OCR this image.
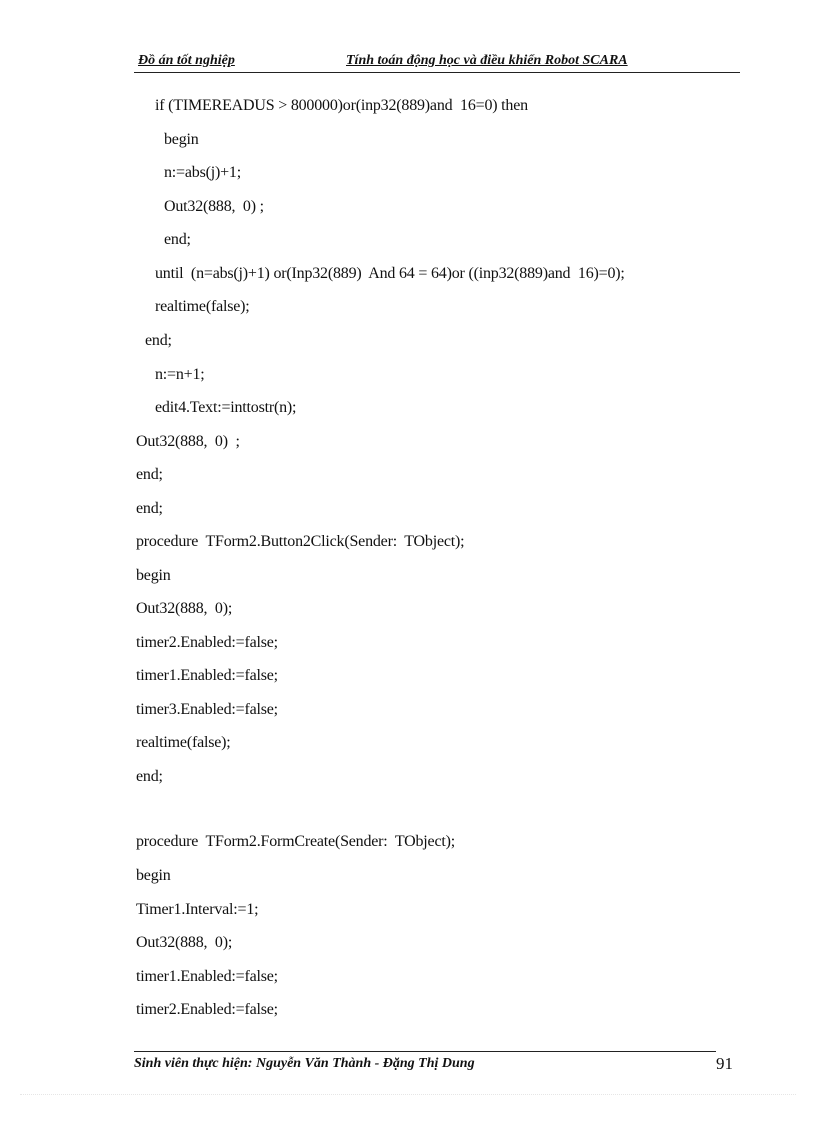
Đồ án tốt nghiệp	Tính toán động học và điều khiển Robot SCARA
if (TIMEREADUS > 800000)or(inp32(889)and  16=0) then
begin
n:=abs(j)+1;
Out32(888,  0) ;
end;
until  (n=abs(j)+1) or(Inp32(889)  And 64 = 64)or ((inp32(889)and  16)=0);
realtime(false);
end;
n:=n+1;
edit4.Text:=inttostr(n);
Out32(888,  0)  ;
end;
end;
procedure  TForm2.Button2Click(Sender:  TObject);
begin
Out32(888,  0);
timer2.Enabled:=false;
timer1.Enabled:=false;
timer3.Enabled:=false;
realtime(false);
end;
procedure  TForm2.FormCreate(Sender:  TObject);
begin
Timer1.Interval:=1;
Out32(888,  0);
timer1.Enabled:=false;
timer2.Enabled:=false;
Sinh viên thực hiện: Nguyễn Văn Thành - Đặng Thị Dung	91
